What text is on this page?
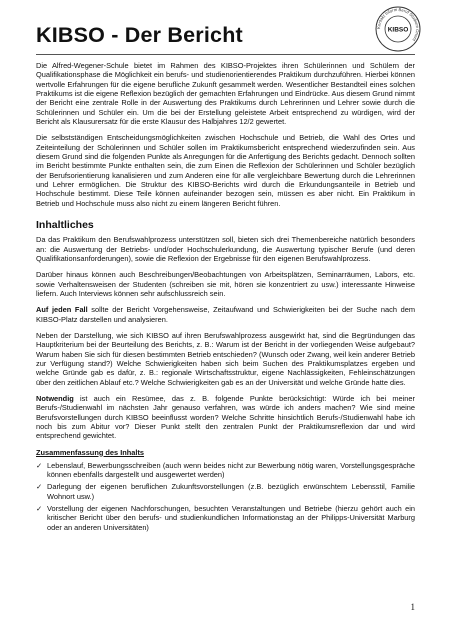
KIBSO - Der Bericht	Kontakt Inform Beruf Studium Orient
KIBSO

Die Alfred-Wegener-Schule bietet im Rahmen des KIBSO-Projektes ihren Schülerinnen und Schülern der Qualifikationsphase die Möglichkeit ein berufs- und studienorientierendes Praktikum durchzuführen. Hierbei können wertvolle Erfahrungen für die eigene berufliche Zukunft gesammelt werden. Wesentlicher Bestandteil eines solchen Praktikums ist die eigene Reflexion bezüglich der gemachten Erfahrungen und Eindrücke. Aus diesem Grund nimmt der Bericht eine zentrale Rolle in der Auswertung des Praktikums durch Lehrerinnen und Lehrer sowie durch die Schülerinnen und Schüler ein. Um die bei der Erstellung geleistete Arbeit entsprechend zu würdigen, wird der Bericht als Klausurersatz für die erste Klausur des Halbjahres 12/2 gewertet.

Die selbstständigen Entscheidungsmöglichkeiten zwischen Hochschule und Betrieb, die Wahl des Ortes und Zeiteinteilung der Schülerinnen und Schüler sollen im Praktikumsbericht entsprechend wiederzufinden sein. Aus diesem Grund sind die folgenden Punkte als Anregungen für die Anfertigung des Berichts gedacht. Dennoch sollten im Bericht bestimmte Punkte enthalten sein, die zum Einen die Reflexion der Schülerinnen und Schüler bezüglich der Berufsorientierung kanalisieren und zum Anderen eine für alle vergleichbare Bewertung durch die Lehrerinnen und Lehrer ermöglichen. Die Struktur des KIBSO-Berichts wird durch die Erkundungsanteile in Betrieb und Hochschule bestimmt. Diese Teile können aufeinander bezogen sein, müssen es aber nicht. Ein Praktikum in Betrieb und Hochschule muss also nicht zu einem längeren Bericht führen.

Inhaltliches

Da das Praktikum den Berufswahlprozess unterstützen soll, bieten sich drei Themenbereiche natürlich besonders an: die Auswertung der Betriebs- und/oder Hochschulerkundung, die Auswertung typischer Berufe (und deren Qualifikationsanforderungen), sowie die Reflexion der Ergebnisse für den eigenen Berufswahlprozess.

Darüber hinaus können auch Beschreibungen/Beobachtungen von Arbeitsplätzen, Seminarräumen, Labors, etc. sowie Verhaltensweisen der Studenten (schreiben sie mit, hören sie konzentriert zu usw.) interessante Hinweise liefern. Auch Interviews können sehr aufschlussreich sein.

Auf jeden Fall sollte der Bericht Vorgehensweise, Zeitaufwand und Schwierigkeiten bei der Suche nach dem KIBSO-Platz darstellen und analysieren.

Neben der Darstellung, wie sich KIBSO auf ihren Berufswahlprozess ausgewirkt hat, sind die Begründungen das Hauptkriterium bei der Beurteilung des Berichts, z. B.: Warum ist der Bericht in der vorliegenden Weise aufgebaut? Warum haben Sie sich für diesen bestimmten Betrieb entschieden? (Wunsch oder Zwang, weil kein anderer Betrieb zur Verfügung stand?) Welche Schwierigkeiten haben sich beim Suchen des Praktikumsplatzes ergeben und welche Gründe gab es dafür, z. B.: regionale Wirtschaftsstruktur, eigene Nachlässigkeiten, Fehleinschätzungen über den zeitlichen Ablauf etc.? Welche Schwierigkeiten gab es an der Universität und welche Gründe hatte dies.

Notwendig ist auch ein Resümee, das z. B. folgende Punkte berücksichtigt: Würde ich bei meiner Berufs-/Studienwahl im nächsten Jahr genauso verfahren, was würde ich anders machen? Wie sind meine Berufsvorstellungen durch KIBSO beeinflusst worden? Welche Schritte hinsichtlich Berufs-/Studienwahl habe ich noch bis zum Abitur vor? Dieser Punkt stellt den zentralen Punkt der Praktikumsreflexion dar und wird entsprechend gewichtet.

Zusammenfassung des Inhalts
✓ Lebenslauf, Bewerbungsschreiben (auch wenn beides nicht zur Bewerbung nötig waren, Vorstellungsgespräche können ebenfalls dargestellt und ausgewertet werden)
✓ Darlegung der eigenen beruflichen Zukunftsvorstellungen (z.B. bezüglich erwünschtem Lebensstil, Familie Wohnort usw.)
✓ Vorstellung der eigenen Nachforschungen, besuchten Veranstaltungen und Betriebe (hierzu gehört auch ein kritischer Bericht über den berufs- und studienkundlichen Informationstag an der Philipps-Universität Marburg oder an anderen Universitäten)
1
